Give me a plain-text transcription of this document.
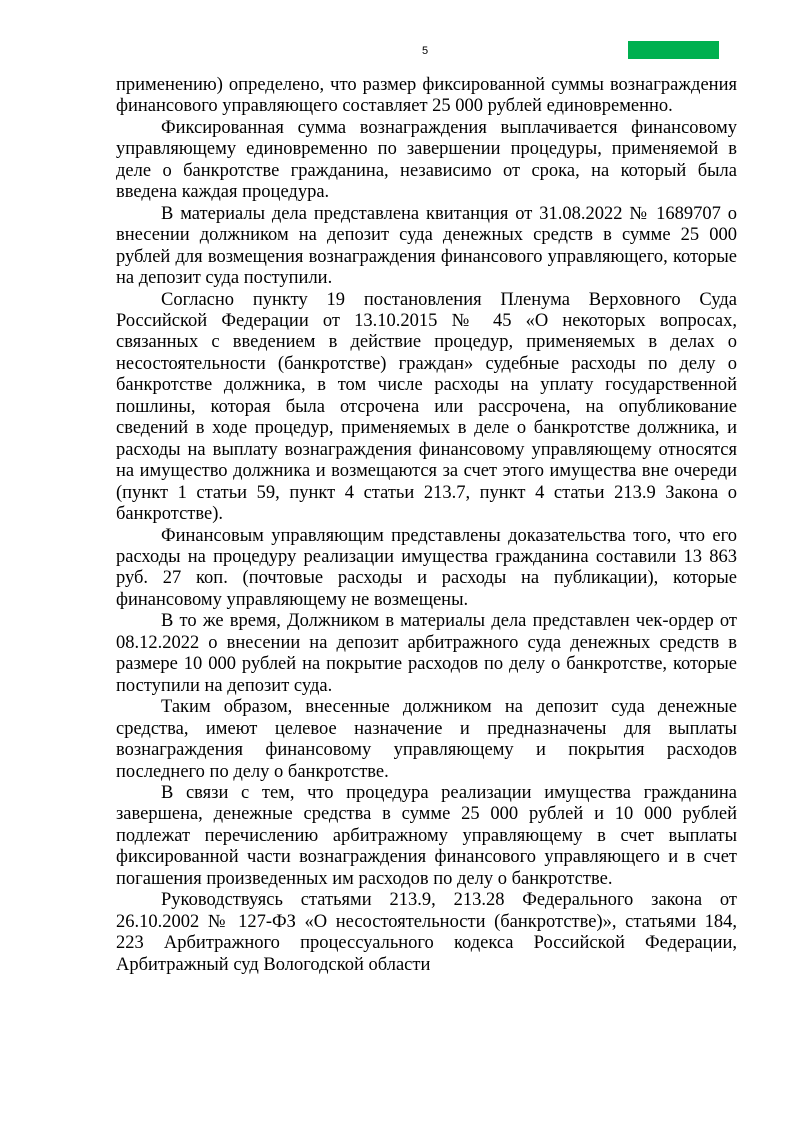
5

применению) определено, что размер фиксированной суммы вознаграждения финансового управляющего составляет 25 000 рублей единовременно.

Фиксированная сумма вознаграждения выплачивается финансовому управляющему единовременно по завершении процедуры, применяемой в деле о банкротстве гражданина, независимо от срока, на который была введена каждая процедура.

В материалы дела представлена квитанция от 31.08.2022 № 1689707 о внесении должником на депозит суда денежных средств в сумме 25 000 рублей для возмещения вознаграждения финансового управляющего, которые на депозит суда поступили.

Согласно пункту 19 постановления Пленума Верховного Суда Российской Федерации от 13.10.2015 № 45 «О некоторых вопросах, связанных с введением в действие процедур, применяемых в делах о несостоятельности (банкротстве) граждан» судебные расходы по делу о банкротстве должника, в том числе расходы на уплату государственной пошлины, которая была отсрочена или рассрочена, на опубликование сведений в ходе процедур, применяемых в деле о банкротстве должника, и расходы на выплату вознаграждения финансовому управляющему относятся на имущество должника и возмещаются за счет этого имущества вне очереди (пункт 1 статьи 59, пункт 4 статьи 213.7, пункт 4 статьи 213.9 Закона о банкротстве).

Финансовым управляющим представлены доказательства того, что его расходы на процедуру реализации имущества гражданина составили 13 863 руб. 27 коп. (почтовые расходы и расходы на публикации), которые финансовому управляющему не возмещены.

В то же время, Должником в материалы дела представлен чек-ордер от 08.12.2022 о внесении на депозит арбитражного суда денежных средств в размере 10 000 рублей на покрытие расходов по делу о банкротстве, которые поступили на депозит суда.

Таким образом, внесенные должником на депозит суда денежные средства, имеют целевое назначение и предназначены для выплаты вознаграждения финансовому управляющему и покрытия расходов последнего по делу о банкротстве.

В связи с тем, что процедура реализации имущества гражданина завершена, денежные средства в сумме 25 000 рублей и 10 000 рублей подлежат перечислению арбитражному управляющему в счет выплаты фиксированной части вознаграждения финансового управляющего и в счет погашения произведенных им расходов по делу о банкротстве.

Руководствуясь статьями 213.9, 213.28 Федерального закона от 26.10.2002 № 127-ФЗ «О несостоятельности (банкротстве)», статьями 184, 223 Арбитражного процессуального кодекса Российской Федерации, Арбитражный суд Вологодской области
